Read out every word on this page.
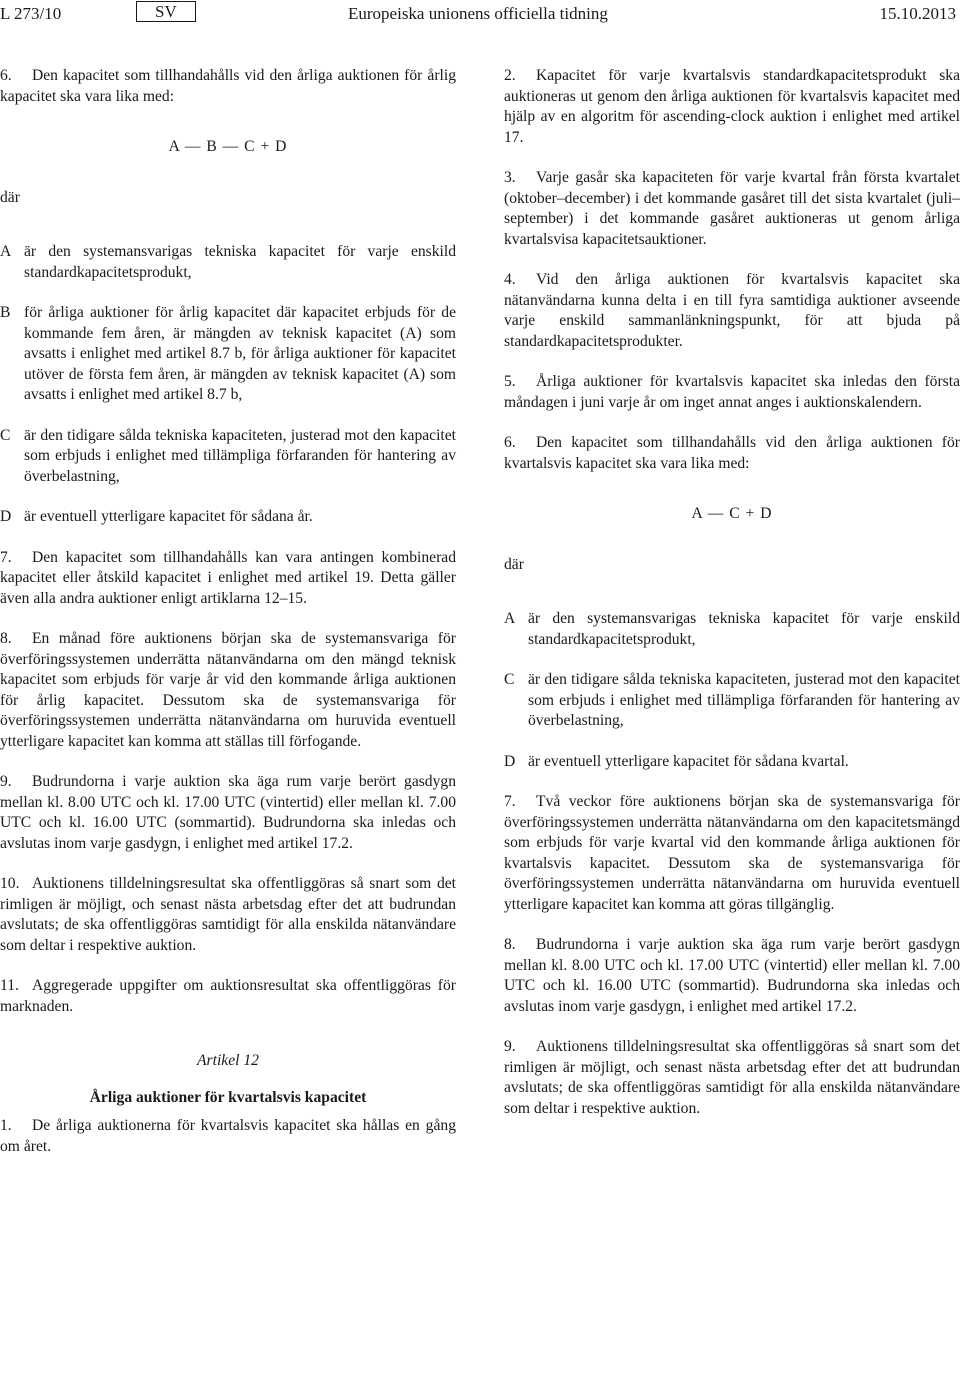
L 273/10	SV	Europeiska unionens officiella tidning	15.10.2013

6. Den kapacitet som tillhandahålls vid den årliga auktionen för årlig kapacitet ska vara lika med:

A — B — C + D
där
A är den systemansvarigas tekniska kapacitet för varje enskild standardkapacitetsprodukt,
B för årliga auktioner för årlig kapacitet där kapacitet erbjuds för de kommande fem åren, är mängden av teknisk kapacitet (A) som avsatts i enlighet med artikel 8.7 b, för årliga auktioner för kapacitet utöver de första fem åren, är mängden av teknisk kapacitet (A) som avsatts i enlighet med artikel 8.7 b,
C är den tidigare sålda tekniska kapaciteten, justerad mot den kapacitet som erbjuds i enlighet med tillämpliga förfaranden för hantering av överbelastning,
D är eventuell ytterligare kapacitet för sådana år.

7. Den kapacitet som tillhandahålls kan vara antingen kombinerad kapacitet eller åtskild kapacitet i enlighet med artikel 19. Detta gäller även alla andra auktioner enligt artiklarna 12–15.

8. En månad före auktionens början ska de systemansvariga för överföringssystemen underrätta nätanvändarna om den mängd teknisk kapacitet som erbjuds för varje år vid den kommande årliga auktionen för årlig kapacitet. Dessutom ska de systemansvariga för överföringssystemen underrätta nätanvändarna om huruvida eventuell ytterligare kapacitet kan komma att ställas till förfogande.

9. Budrundorna i varje auktion ska äga rum varje berört gasdygn mellan kl. 8.00 UTC och kl. 17.00 UTC (vintertid) eller mellan kl. 7.00 UTC och kl. 16.00 UTC (sommartid). Budrundorna ska inledas och avslutas inom varje gasdygn, i enlighet med artikel 17.2.

10. Auktionens tilldelningsresultat ska offentliggöras så snart som det rimligen är möjligt, och senast nästa arbetsdag efter det att budrundan avslutats; de ska offentliggöras samtidigt för alla enskilda nätanvändare som deltar i respektive auktion.

11. Aggregerade uppgifter om auktionsresultat ska offentliggöras för marknaden.

Artikel 12
Årliga auktioner för kvartalsvis kapacitet

1. De årliga auktionerna för kvartalsvis kapacitet ska hållas en gång om året.

2. Kapacitet för varje kvartalsvis standardkapacitetsprodukt ska auktioneras ut genom den årliga auktionen för kvartalsvis kapacitet med hjälp av en algoritm för ascending-clock auktion i enlighet med artikel 17.

3. Varje gasår ska kapaciteten för varje kvartal från första kvartalet (oktober–december) i det kommande gasåret till det sista kvartalet (juli–september) i det kommande gasåret auktioneras ut genom årliga kvartalsvisa kapacitetsauktioner.

4. Vid den årliga auktionen för kvartalsvis kapacitet ska nätanvändarna kunna delta i en till fyra samtidiga auktioner avseende varje enskild sammanlänkningspunkt, för att bjuda på standardkapacitetsprodukter.

5. Årliga auktioner för kvartalsvis kapacitet ska inledas den första måndagen i juni varje år om inget annat anges i auktionskalendern.

6. Den kapacitet som tillhandahålls vid den årliga auktionen för kvartalsvis kapacitet ska vara lika med:

A — C + D
där
A är den systemansvarigas tekniska kapacitet för varje enskild standardkapacitetsprodukt,
C är den tidigare sålda tekniska kapaciteten, justerad mot den kapacitet som erbjuds i enlighet med tillämpliga förfaranden för hantering av överbelastning,
D är eventuell ytterligare kapacitet för sådana kvartal.

7. Två veckor före auktionens början ska de systemansvariga för överföringssystemen underrätta nätanvändarna om den kapacitetsmängd som erbjuds för varje kvartal vid den kommande årliga auktionen för kvartalsvis kapacitet. Dessutom ska de systemansvariga för överföringssystemen underrätta nätanvändarna om huruvida eventuell ytterligare kapacitet kan komma att göras tillgänglig.

8. Budrundorna i varje auktion ska äga rum varje berört gasdygn mellan kl. 8.00 UTC och kl. 17.00 UTC (vintertid) eller mellan kl. 7.00 UTC och kl. 16.00 UTC (sommartid). Budrundorna ska inledas och avslutas inom varje gasdygn, i enlighet med artikel 17.2.

9. Auktionens tilldelningsresultat ska offentliggöras så snart som det rimligen är möjligt, och senast nästa arbetsdag efter det att budrundan avslutats; de ska offentliggöras samtidigt för alla enskilda nätanvändare som deltar i respektive auktion.
